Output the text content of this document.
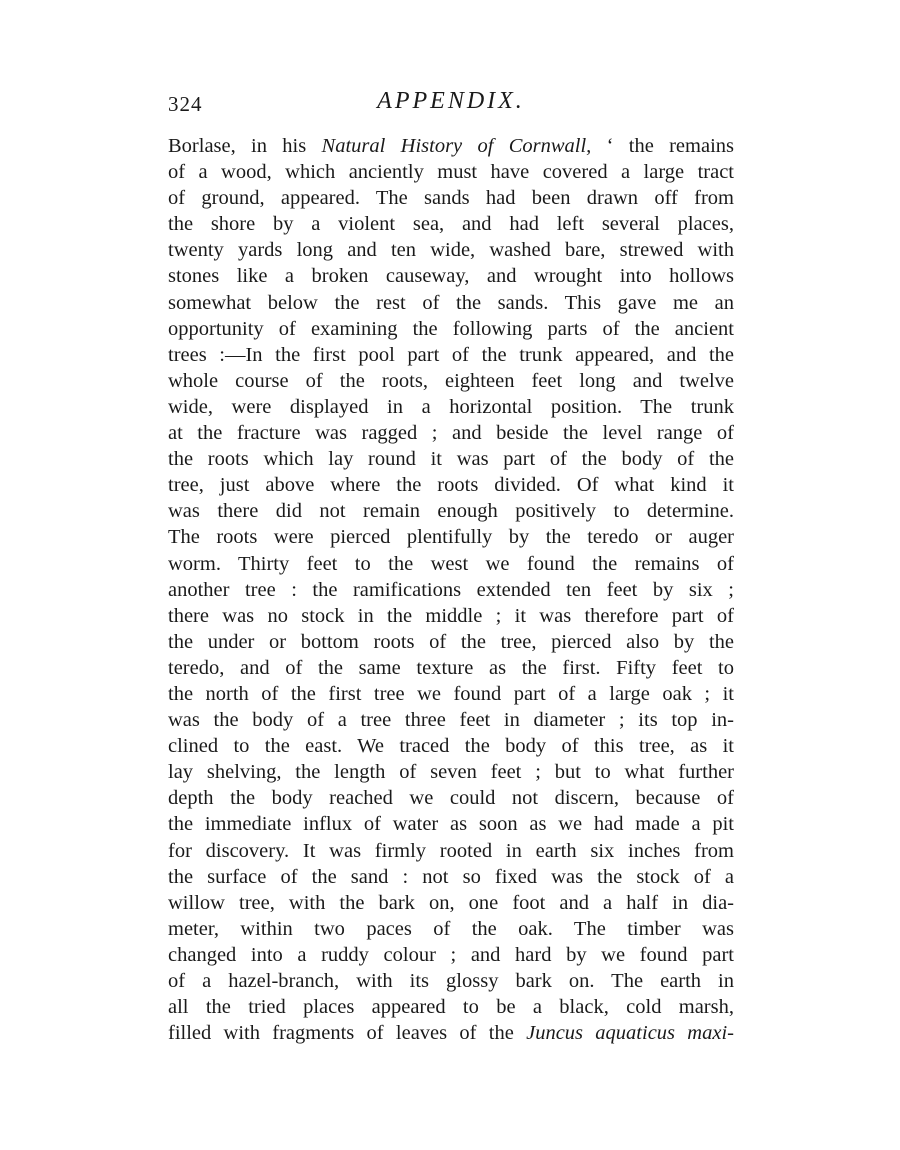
324	APPENDIX.
Borlase, in his Natural History of Cornwall, ‘ the remains
of a wood, which anciently must have covered a large tract
of ground, appeared. The sands had been drawn off from
the shore by a violent sea, and had left several places,
twenty yards long and ten wide, washed bare, strewed with
stones like a broken causeway, and wrought into hollows
somewhat below the rest of the sands. This gave me an
opportunity of examining the following parts of the ancient
trees :—In the first pool part of the trunk appeared, and the
whole course of the roots, eighteen feet long and twelve
wide, were displayed in a horizontal position. The trunk
at the fracture was ragged ; and beside the level range of
the roots which lay round it was part of the body of the
tree, just above where the roots divided. Of what kind it
was there did not remain enough positively to determine.
The roots were pierced plentifully by the teredo or auger
worm. Thirty feet to the west we found the remains of
another tree : the ramifications extended ten feet by six ;
there was no stock in the middle ; it was therefore part of
the under or bottom roots of the tree, pierced also by the
teredo, and of the same texture as the first. Fifty feet to
the north of the first tree we found part of a large oak ; it
was the body of a tree three feet in diameter ; its top in-
clined to the east. We traced the body of this tree, as it
lay shelving, the length of seven feet ; but to what further
depth the body reached we could not discern, because of
the immediate influx of water as soon as we had made a pit
for discovery. It was firmly rooted in earth six inches from
the surface of the sand : not so fixed was the stock of a
willow tree, with the bark on, one foot and a half in dia-
meter, within two paces of the oak. The timber was
changed into a ruddy colour ; and hard by we found part
of a hazel-branch, with its glossy bark on. The earth in
all the tried places appeared to be a black, cold marsh,
filled with fragments of leaves of the Juncus aquaticus maxi-
